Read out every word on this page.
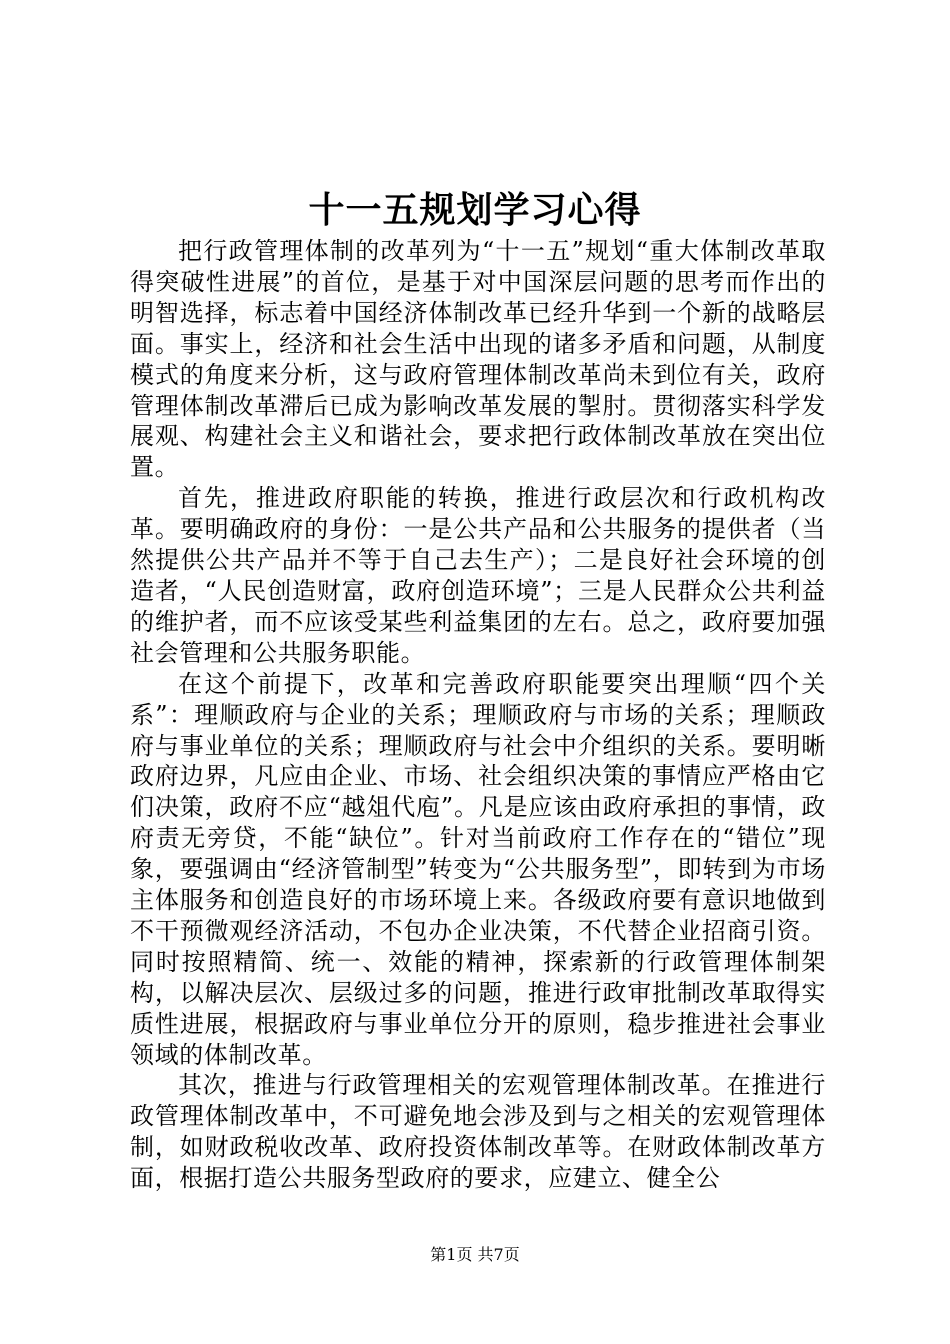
十一五规划学习心得

把行政管理体制的改革列为“十一五”规划“重大体制改革取得突破性进展”的首位，是基于对中国深层问题的思考而作出的明智选择，标志着中国经济体制改革已经升华到一个新的战略层面。事实上，经济和社会生活中出现的诸多矛盾和问题，从制度模式的角度来分析，这与政府管理体制改革尚未到位有关，政府管理体制改革滞后已成为影响改革发展的掣肘。贯彻落实科学发展观、构建社会主义和谐社会，要求把行政体制改革放在突出位置。

首先，推进政府职能的转换，推进行政层次和行政机构改革。要明确政府的身份：一是公共产品和公共服务的提供者（当然提供公共产品并不等于自己去生产）；二是良好社会环境的创造者，“人民创造财富，政府创造环境”；三是人民群众公共利益的维护者，而不应该受某些利益集团的左右。总之，政府要加强社会管理和公共服务职能。

在这个前提下，改革和完善政府职能要突出理顺“四个关系”：理顺政府与企业的关系；理顺政府与市场的关系；理顺政府与事业单位的关系；理顺政府与社会中介组织的关系。要明晰政府边界，凡应由企业、市场、社会组织决策的事情应严格由它们决策，政府不应“越俎代庖”。凡是应该由政府承担的事情，政府责无旁贷，不能“缺位”。针对当前政府工作存在的“错位”现象，要强调由“经济管制型”转变为“公共服务型”，即转到为市场主体服务和创造良好的市场环境上来。各级政府要有意识地做到不干预微观经济活动，不包办企业决策，不代替企业招商引资。同时按照精简、统一、效能的精神，探索新的行政管理体制架构，以解决层次、层级过多的问题，推进行政审批制改革取得实质性进展，根据政府与事业单位分开的原则，稳步推进社会事业领域的体制改革。

其次，推进与行政管理相关的宏观管理体制改革。在推进行政管理体制改革中，不可避免地会涉及到与之相关的宏观管理体制，如财政税收改革、政府投资体制改革等。在财政体制改革方面，根据打造公共服务型政府的要求，应建立、健全公

第1页 共7页
